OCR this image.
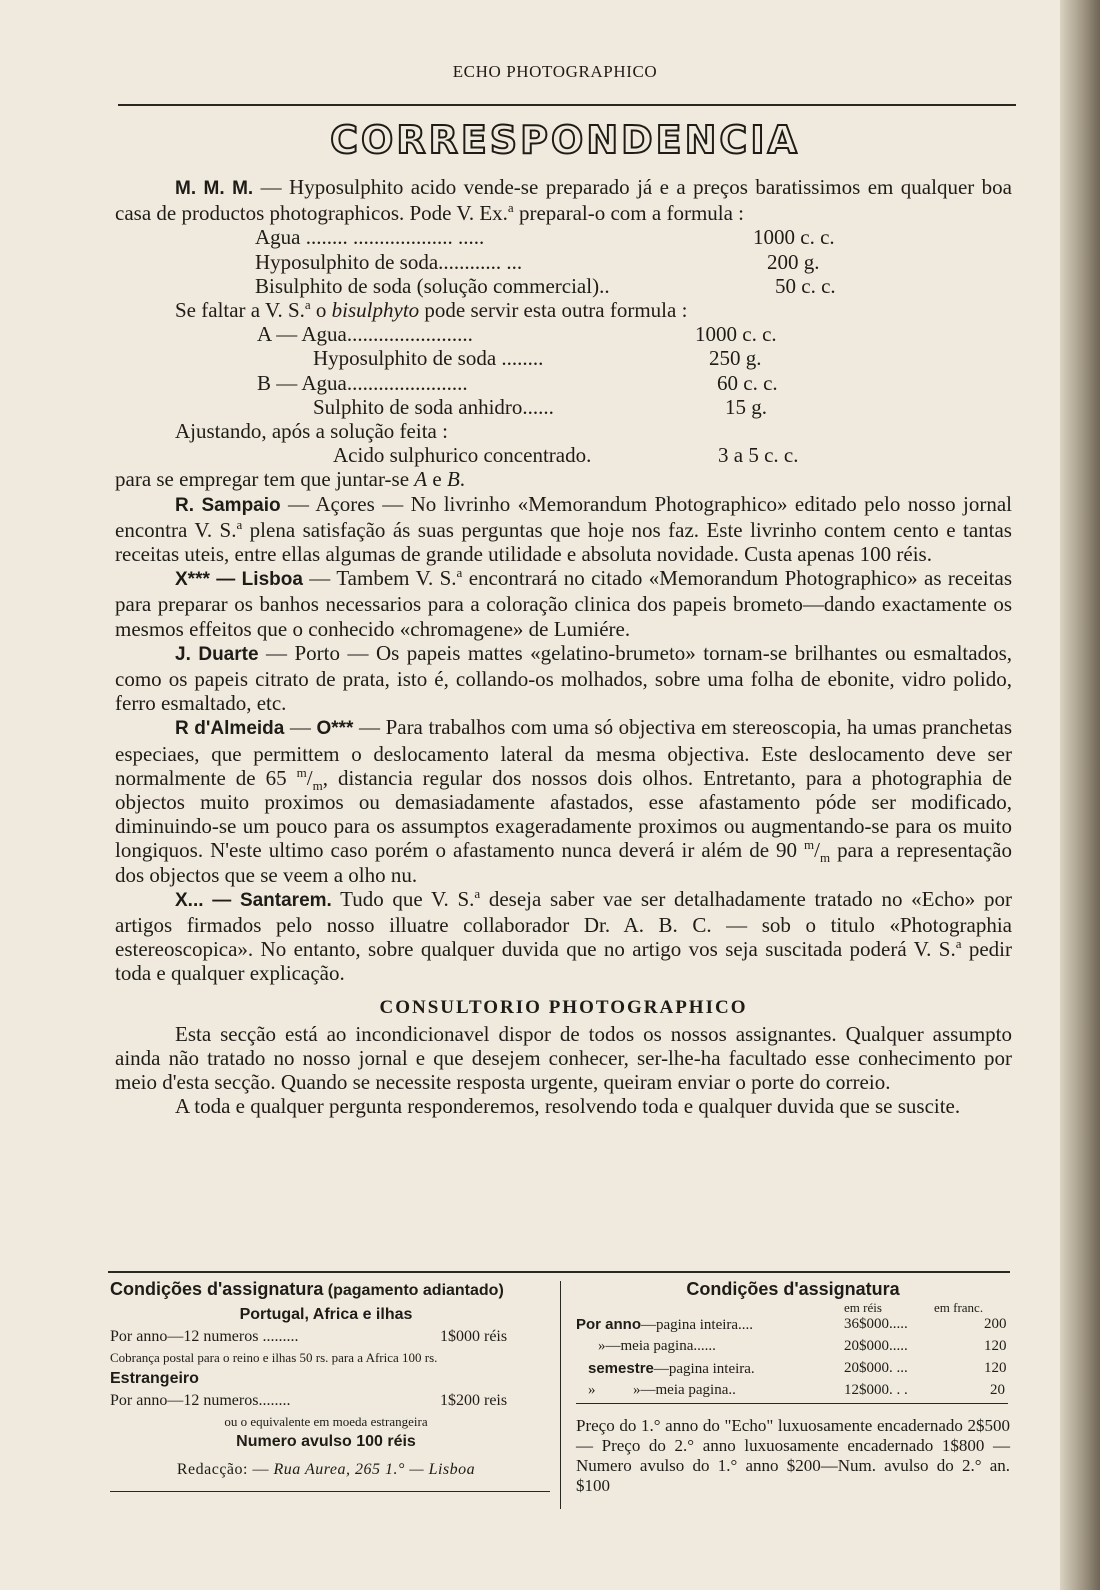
ECHO PHOTOGRAPHICO
CORRESPONDENCIA

M. M. M. — Hyposulphito acido vende-se preparado já e a preços baratissimos em qualquer boa casa de productos photographicos. Pode V. Ex.$^a$ preparal-o com a formula :

Agua ........ ................... .....	1000 c. c.
Hyposulphito de soda............ ...	200 g.
Bisulphito de soda (solução commercial)..	50 c. c.

Se faltar a V. S.$^a$ o bisulphyto pode servir esta outra formula :

A — Agua........................	1000 c. c.
Hyposulphito de soda ........	250 g.
B — Agua.......................	60 c. c.
Sulphito de soda anhidro......	15 g.

Ajustando, após a solução feita :

Acido sulphurico concentrado.	3 a 5 c. c.

para se empregar tem que juntar-se A e B.

R. Sampaio — Açores — No livrinho «Memorandum Photographico» editado pelo nosso jornal encontra V. S.$^a$ plena satisfação ás suas perguntas que hoje nos faz. Este livrinho contem cento e tantas receitas uteis, entre ellas algumas de grande utilidade e absoluta novidade. Custa apenas 100 réis.

X*** — Lisboa — Tambem V. S.$^a$ encontrará no citado «Memorandum Photographico» as receitas para preparar os banhos necessarios para a coloração clinica dos papeis brometo—dando exactamente os mesmos effeitos que o conhecido «chromagene» de Lumiére.

J. Duarte — Porto — Os papeis mattes «gelatino-brumeto» tornam-se brilhantes ou esmaltados, como os papeis citrato de prata, isto é, collando-os molhados, sobre uma folha de ebonite, vidro polido, ferro esmaltado, etc.

R d'Almeida — O*** — Para trabalhos com uma só objectiva em stereoscopia, ha umas pranchetas especiaes, que permittem o deslocamento lateral da mesma objectiva. Este deslocamento deve ser normalmente de 65 $^m/_m$, distancia regular dos nossos dois olhos. Entretanto, para a photographia de objectos muito proximos ou demasiadamente afastados, esse afastamento póde ser modificado, diminuindo-se um pouco para os assumptos exageradamente proximos ou augmentando-se para os muito longiquos. N'este ultimo caso porém o afastamento nunca deverá ir além de 90 $^m/_m$ para a representação dos objectos que se veem a olho nu.

X... — Santarem. Tudo que V. S.$^a$ deseja saber vae ser detalhadamente tratado no «Echo» por artigos firmados pelo nosso illuatre collaborador Dr. A. B. C. — sob o titulo «Photographia estereoscopica». No entanto, sobre qualquer duvida que no artigo vos seja suscitada poderá V. S.$^a$ pedir toda e qualquer explicação.

CONSULTORIO PHOTOGRAPHICO

Esta secção está ao incondicionavel dispor de todos os nossos assignantes. Qualquer assumpto ainda não tratado no nosso jornal e que desejem conhecer, ser-lhe-ha facultado esse conhecimento por meio d'esta secção. Quando se necessite resposta urgente, queiram enviar o porte do correio.

A toda e qualquer pergunta responderemos, resolvendo toda e qualquer duvida que se suscite.

Condições d'assignatura (pagamento adiantado)
Portugal, Africa e ilhas
Por anno—12 numeros .........	1$000 réis
Cobrança postal para o reino e ilhas 50 rs. para a Africa 100 rs.
Estrangeiro
Por anno—12 numeros........	1$200 reis
ou o equivalente em moeda estrangeira
Numero avulso 100 réis
Redacção: — Rua Aurea, 265 1.° — Lisboa
Condições d'assignatura
em réis	em franc.
Por anno—pagina inteira....	36$000.....	200
»—meia pagina......	20$000.....	120
semestre—pagina inteira.	20$000. ...	120
»          »—meia pagina..	12$000. . .	20
Preço do 1.° anno do "Echo" luxuosamente encadernado 2$500 — Preço do 2.° anno luxuosamente encadernado 1$800 — Numero avulso do 1.° anno $200—Num. avulso do 2.° an. $100
